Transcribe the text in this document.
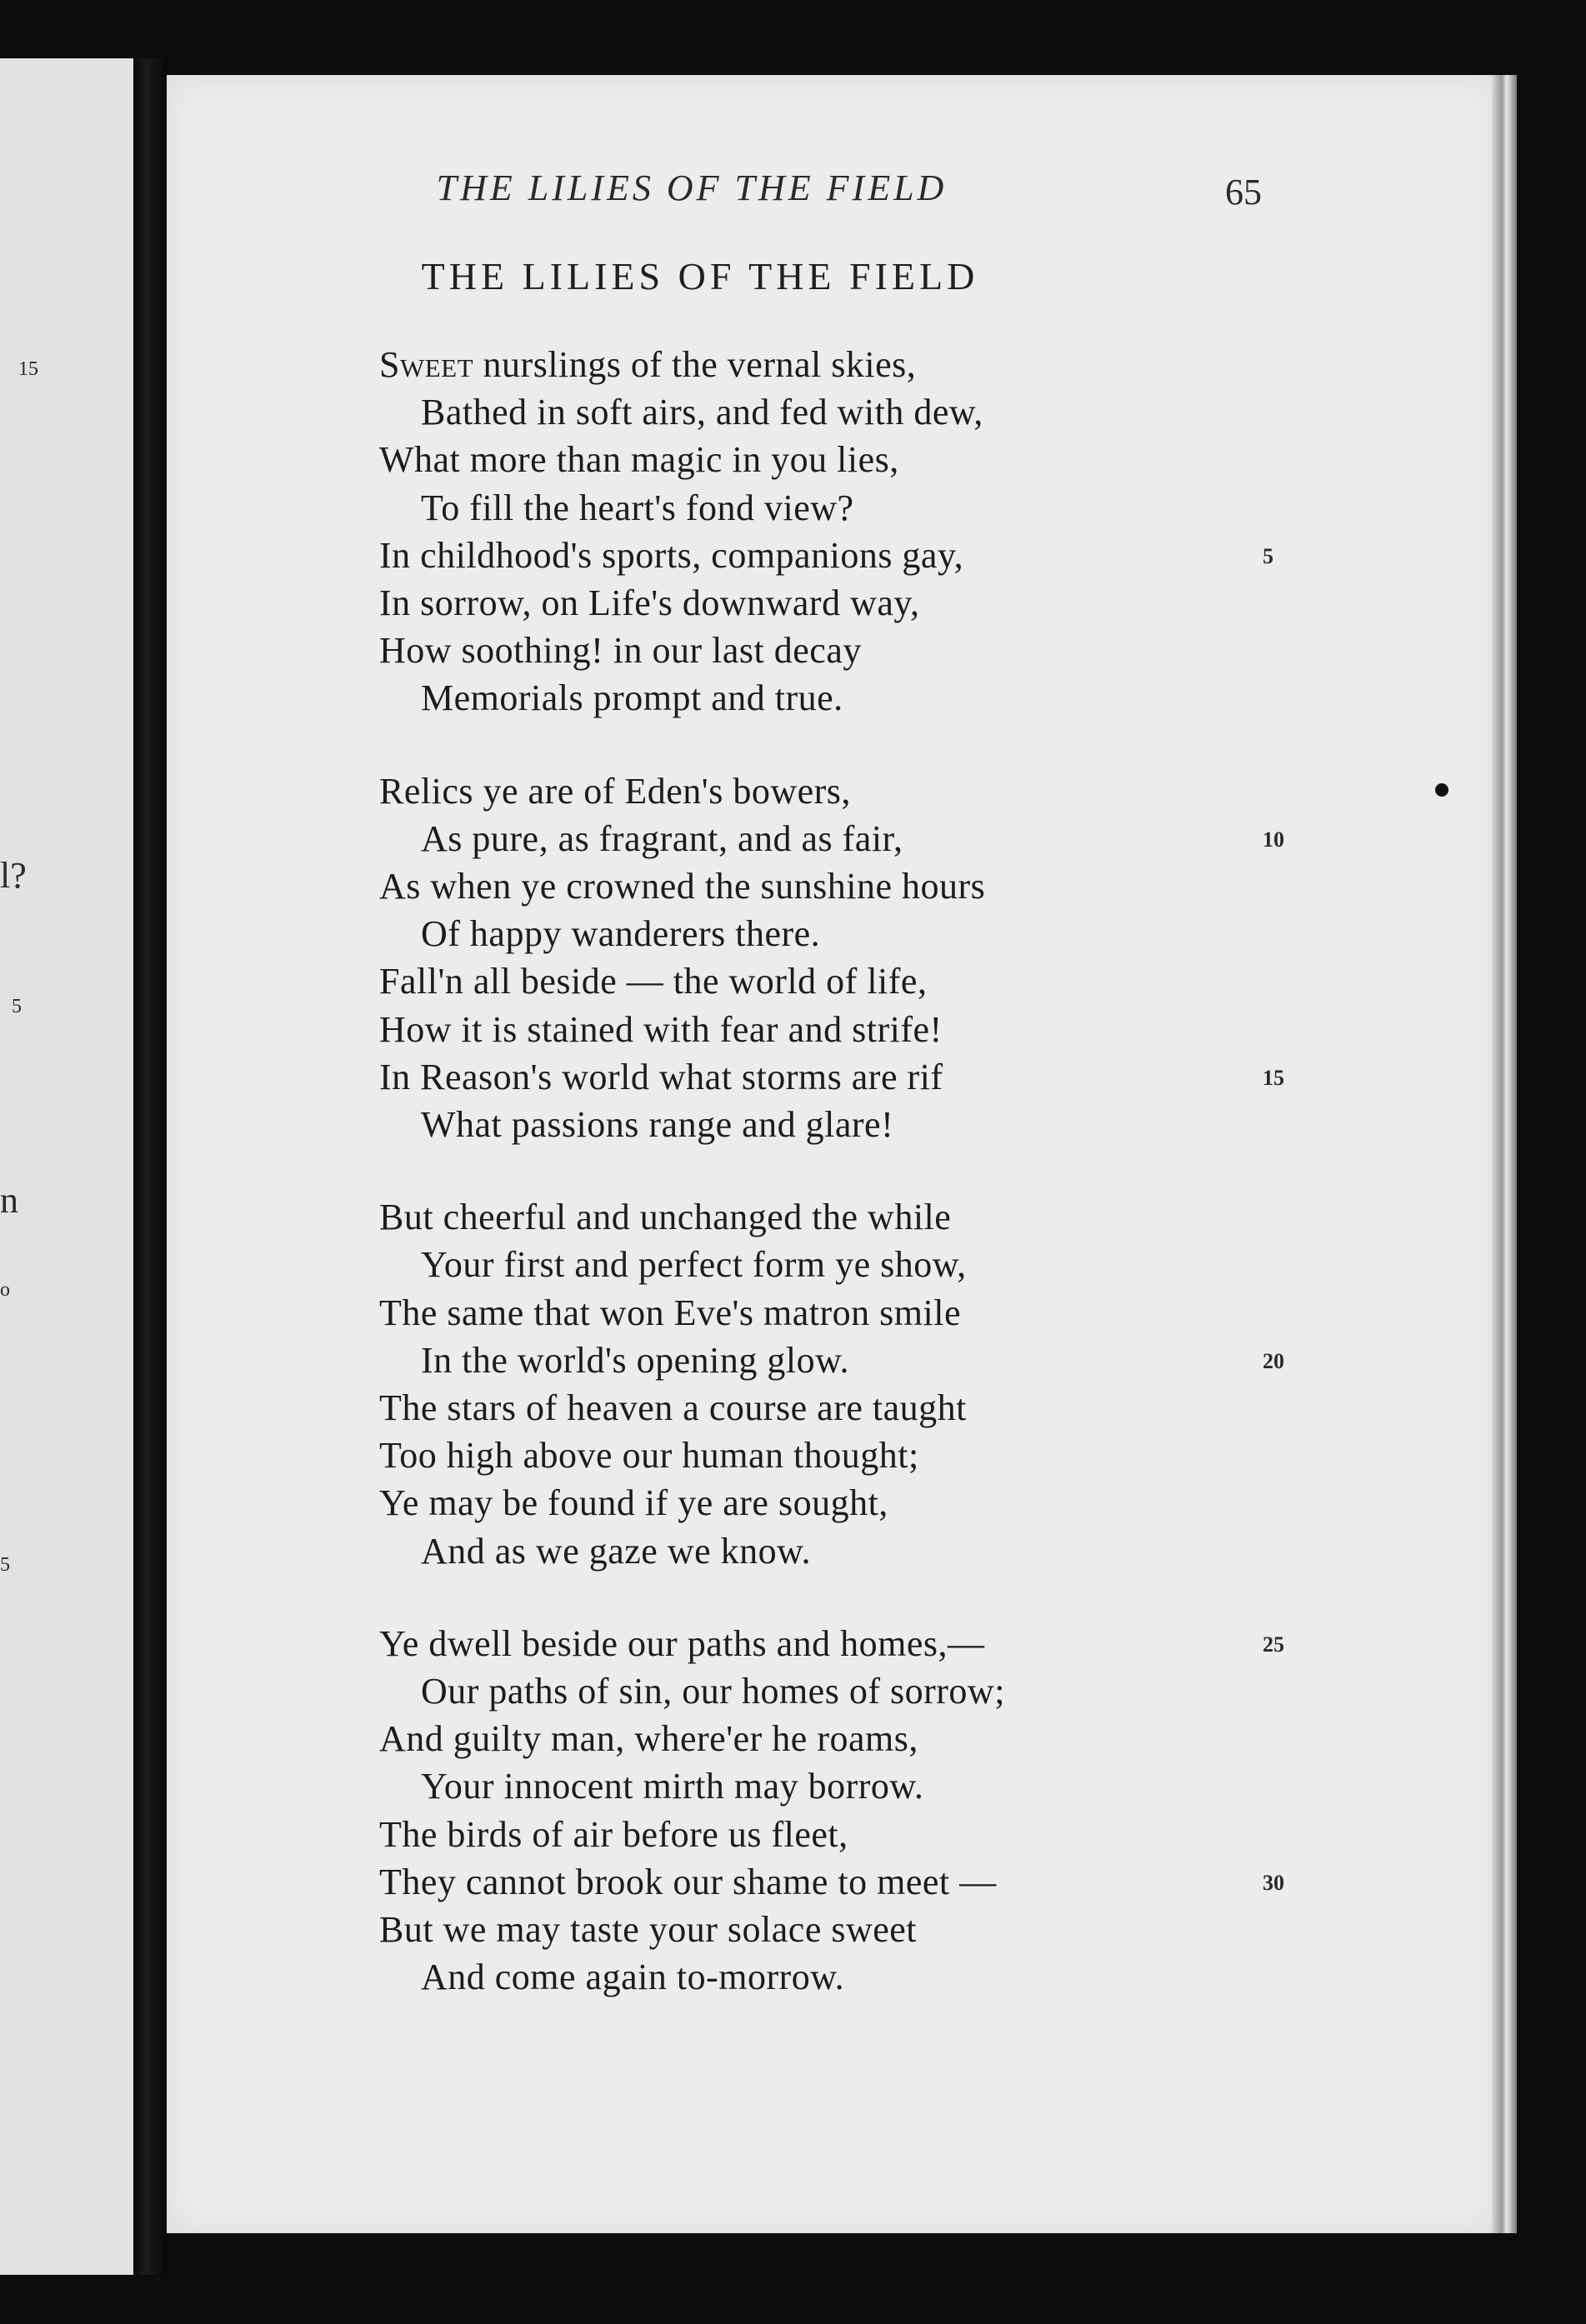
15
l?
5
n
o
5
THE LILIES OF THE FIELD	65
THE LILIES OF THE FIELD
Sweet nurslings of the vernal skies,
Bathed in soft airs, and fed with dew,
What more than magic in you lies,
To fill the heart's fond view?
In childhood's sports, companions gay,
In sorrow, on Life's downward way,
How soothing! in our last decay
Memorials prompt and true.
Relics ye are of Eden's bowers,
As pure, as fragrant, and as fair,
As when ye crowned the sunshine hours
Of happy wanderers there.
Fall'n all beside — the world of life,
How it is stained with fear and strife!
In Reason's world what storms are rif
What passions range and glare!
But cheerful and unchanged the while
Your first and perfect form ye show,
The same that won Eve's matron smile
In the world's opening glow.
The stars of heaven a course are taught
Too high above our human thought;
Ye may be found if ye are sought,
And as we gaze we know.
Ye dwell beside our paths and homes,—
Our paths of sin, our homes of sorrow;
And guilty man, where'er he roams,
Your innocent mirth may borrow.
The birds of air before us fleet,
They cannot brook our shame to meet —
But we may taste your solace sweet
And come again to-morrow.
5
10
15
20
25
30
